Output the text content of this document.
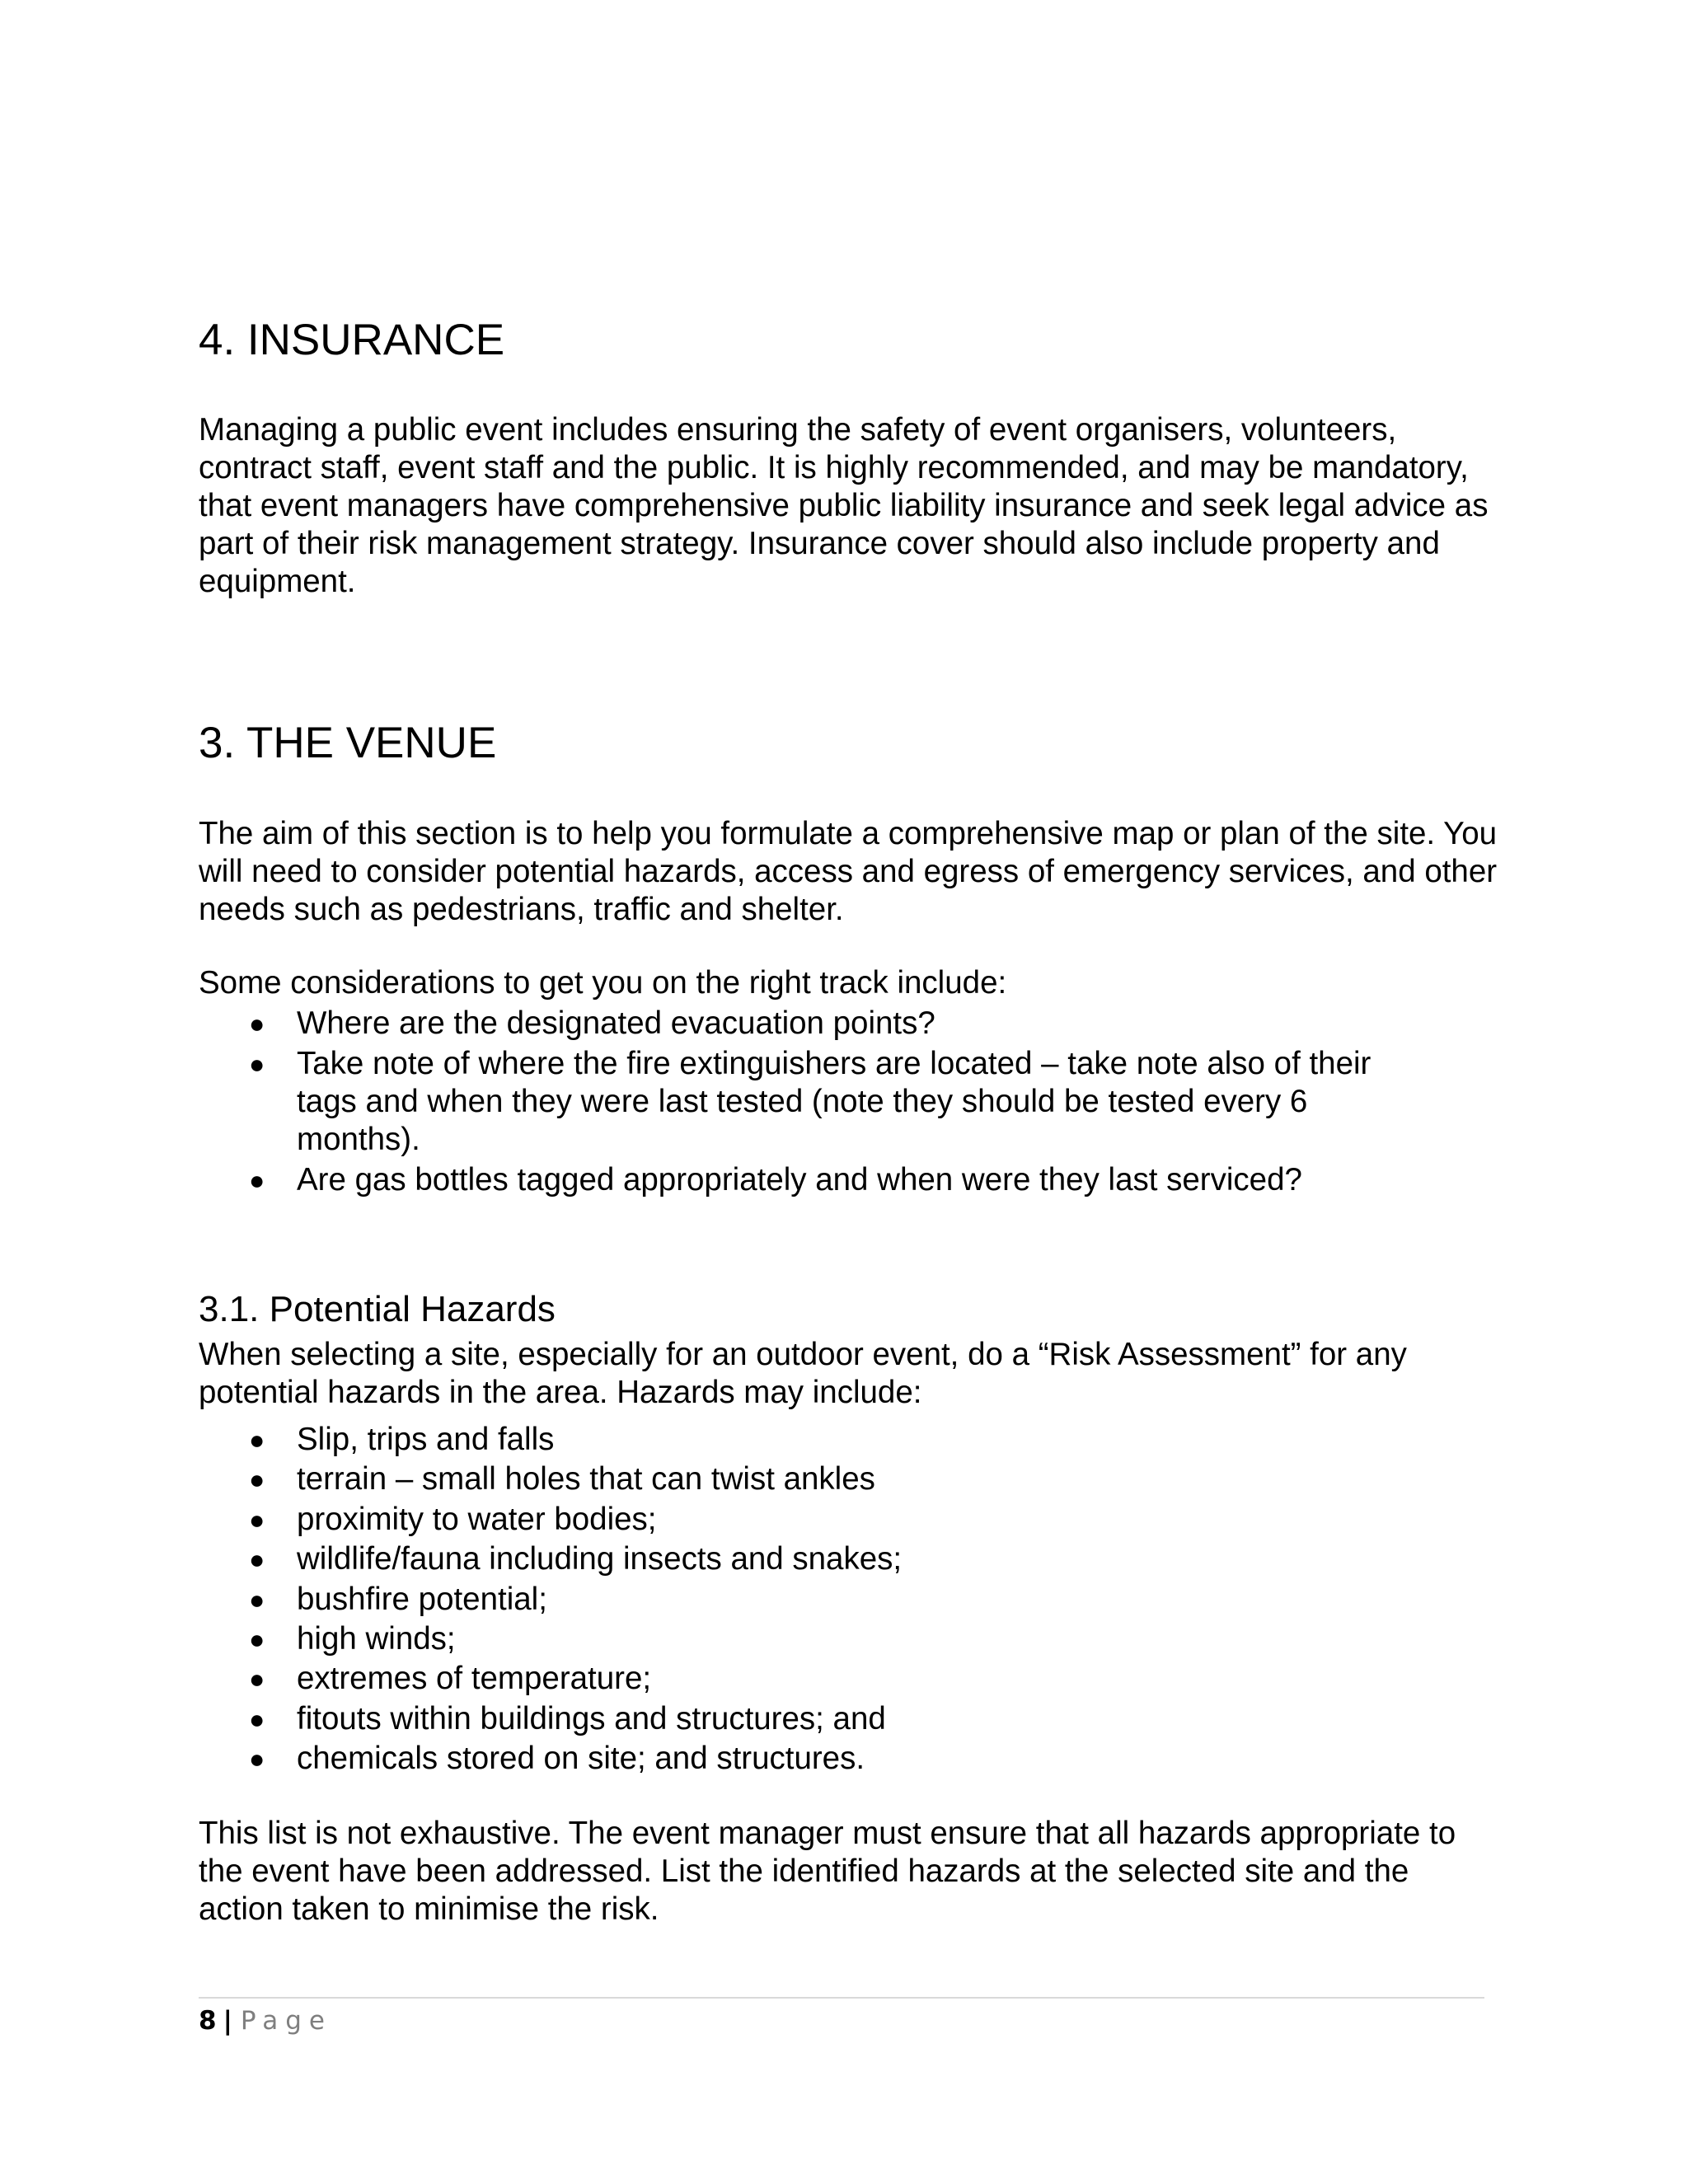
4. INSURANCE

Managing a public event includes ensuring the safety of event organisers, volunteers, contract staff, event staff and the public. It is highly recommended, and may be mandatory, that event managers have comprehensive public liability insurance and seek legal advice as part of their risk management strategy. Insurance cover should also include property and equipment.

3. THE VENUE

The aim of this section is to help you formulate a comprehensive map or plan of the site. You will need to consider potential hazards, access and egress of emergency services, and other needs such as pedestrians, traffic and shelter.

Some considerations to get you on the right track include:

● Where are the designated evacuation points?
● Take note of where the fire extinguishers are located – take note also of their tags and when they were last tested (note they should be tested every 6 months).
● Are gas bottles tagged appropriately and when were they last serviced?
3.1. Potential Hazards

When selecting a site, especially for an outdoor event, do a “Risk Assessment” for any potential hazards in the area. Hazards may include:

● Slip, trips and falls
● terrain – small holes that can twist ankles
● proximity to water bodies;
● wildlife/fauna including insects and snakes;
● bushfire potential;
● high winds;
● extremes of temperature;
● fitouts within buildings and structures; and
● chemicals stored on site; and structures.

This list is not exhaustive. The event manager must ensure that all hazards appropriate to the event have been addressed. List the identified hazards at the selected site and the action taken to minimise the risk.

8 | Page
